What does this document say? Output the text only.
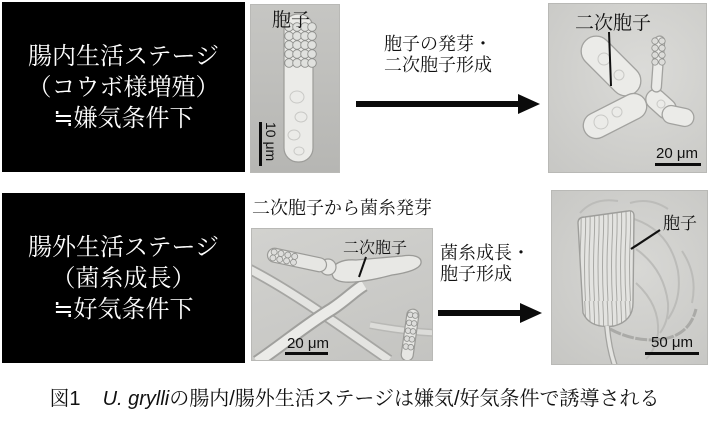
腸内生活ステージ
（コウボ様増殖）
≒嫌気条件下
胞子
10 μm
胞子の発芽・
二次胞子形成
二次胞子
20 μm
腸外生活ステージ
（菌糸成長）
≒好気条件下
二次胞子から菌糸発芽
二次胞子
20 μm
菌糸成長・
胞子形成
胞子
50 μm
図1 U. grylliの腸内/腸外生活ステージは嫌気/好気条件で誘導される
